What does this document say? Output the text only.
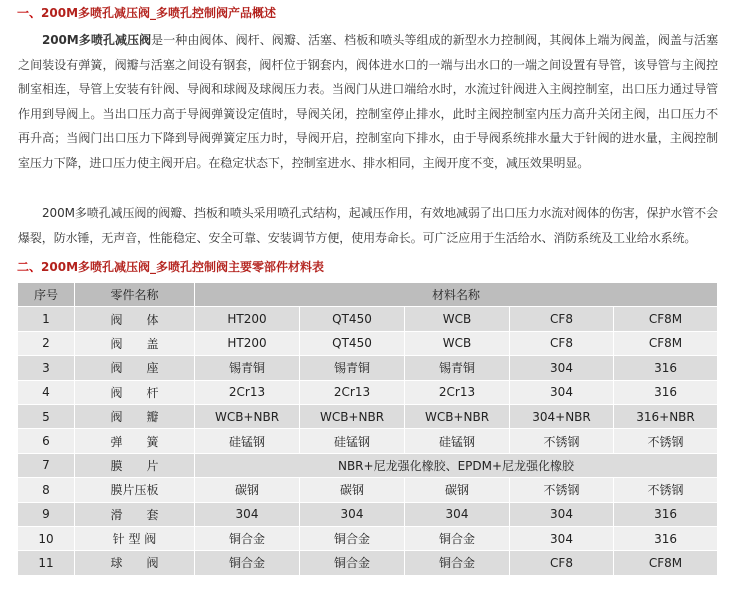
一、200M多喷孔减压阀_多喷孔控制阀产品概述

200M多喷孔减压阀是一种由阀体、阀杆、阀瓣、活塞、档板和喷头等组成的新型水力控制阀，其阀体上端为阀盖，阀盖与活塞之间装设有弹簧，阀瓣与活塞之间设有钢套，阀杆位于钢套内，阀体进水口的一端与出水口的一端之间设置有导管，该导管与主阀控制室相连，导管上安装有针阀、导阀和球阀及球阀压力表。当阀门从进口端给水时，水流过针阀进入主阀控制室，出口压力通过导管作用到导阀上。当出口压力高于导阀弹簧设定值时，导阀关闭，控制室停止排水，此时主阀控制室内压力高升关闭主阀，出口压力不再升高；当阀门出口压力下降到导阀弹簧定压力时，导阀开启，控制室向下排水，由于导阀系统排水量大于针阀的进水量，主阀控制室压力下降，进口压力使主阀开启。在稳定状态下，控制室进水、排水相同，主阀开度不变，减压效果明显。

200M多喷孔减压阀的阀瓣、挡板和喷头采用喷孔式结构，起减压作用，有效地减弱了出口压力水流对阀体的伤害，保护水管不会爆裂，防水锤，无声音，性能稳定、安全可靠、安装调节方便，使用寿命长。可广泛应用于生活给水、消防系统及工业给水系统。

二、200M多喷孔减压阀_多喷孔控制阀主要零部件材料表
序号	零件名称	材料名称				
1	阀　　体	HT200	QT450	WCB	CF8	CF8M
2	阀　　盖	HT200	QT450	WCB	CF8	CF8M
3	阀　　座	锡青铜	锡青铜	锡青铜	304	316
4	阀　　杆	2Cr13	2Cr13	2Cr13	304	316
5	阀　　瓣	WCB+NBR	WCB+NBR	WCB+NBR	304+NBR	316+NBR
6	弹　　簧	硅锰钢	硅锰钢	硅锰钢	不锈钢	不锈钢
7	膜　　片	NBR+尼龙强化橡胶、EPDM+尼龙强化橡胶				
8	膜片压板	碳钢	碳钢	碳钢	不锈钢	不锈钢
9	滑　　套	304	304	304	304	316
10	针 型 阀	铜合金	铜合金	铜合金	304	316
11	球　　阀	铜合金	铜合金	铜合金	CF8	CF8M
